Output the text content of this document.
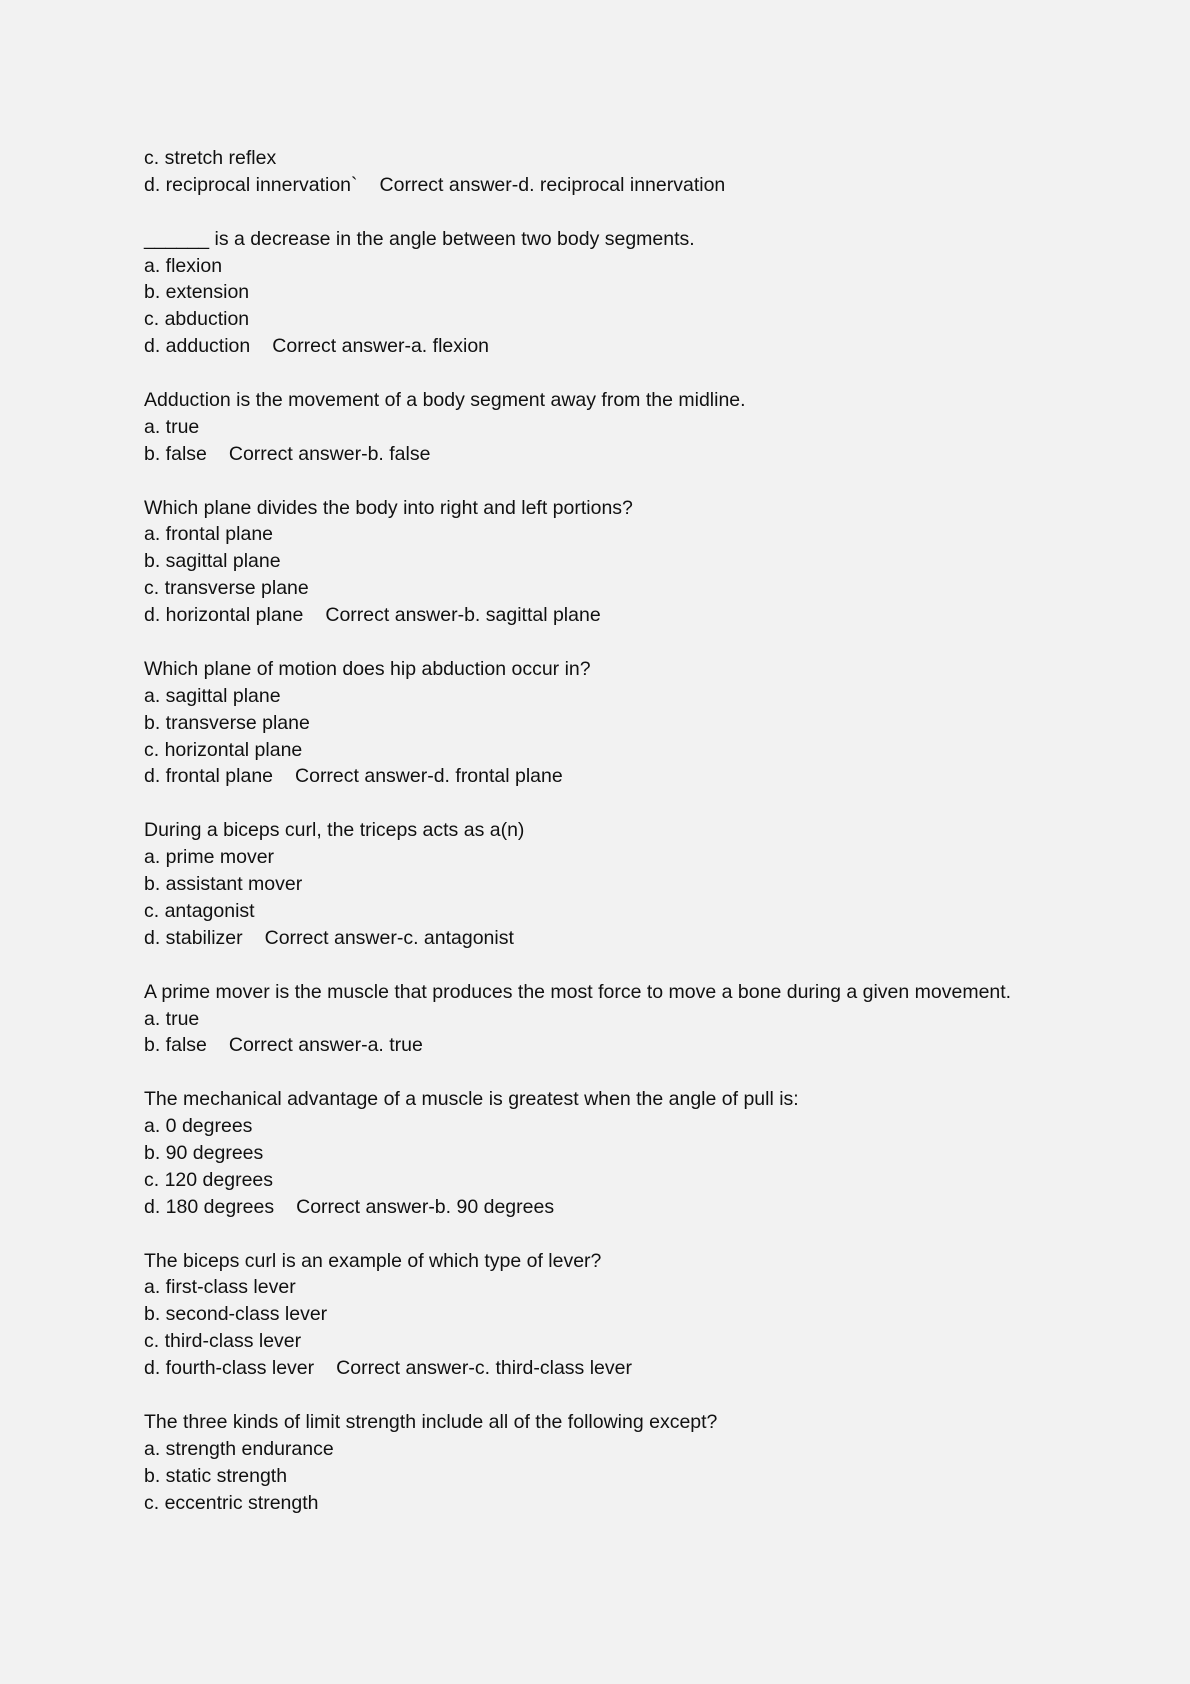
c. stretch reflex
d. reciprocal innervation` Correct answer-d. reciprocal innervation
______ is a decrease in the angle between two body segments.
a. flexion
b. extension
c. abduction
d. adduction Correct answer-a. flexion
Adduction is the movement of a body segment away from the midline.
a. true
b. false Correct answer-b. false
Which plane divides the body into right and left portions?
a. frontal plane
b. sagittal plane
c. transverse plane
d. horizontal plane Correct answer-b. sagittal plane
Which plane of motion does hip abduction occur in?
a. sagittal plane
b. transverse plane
c. horizontal plane
d. frontal plane Correct answer-d. frontal plane
During a biceps curl, the triceps acts as a(n)
a. prime mover
b. assistant mover
c. antagonist
d. stabilizer Correct answer-c. antagonist
A prime mover is the muscle that produces the most force to move a bone during a given movement.
a. true
b. false Correct answer-a. true
The mechanical advantage of a muscle is greatest when the angle of pull is:
a. 0 degrees
b. 90 degrees
c. 120 degrees
d. 180 degrees Correct answer-b. 90 degrees
The biceps curl is an example of which type of lever?
a. first-class lever
b. second-class lever
c. third-class lever
d. fourth-class lever Correct answer-c. third-class lever
The three kinds of limit strength include all of the following except?
a. strength endurance
b. static strength
c. eccentric strength
